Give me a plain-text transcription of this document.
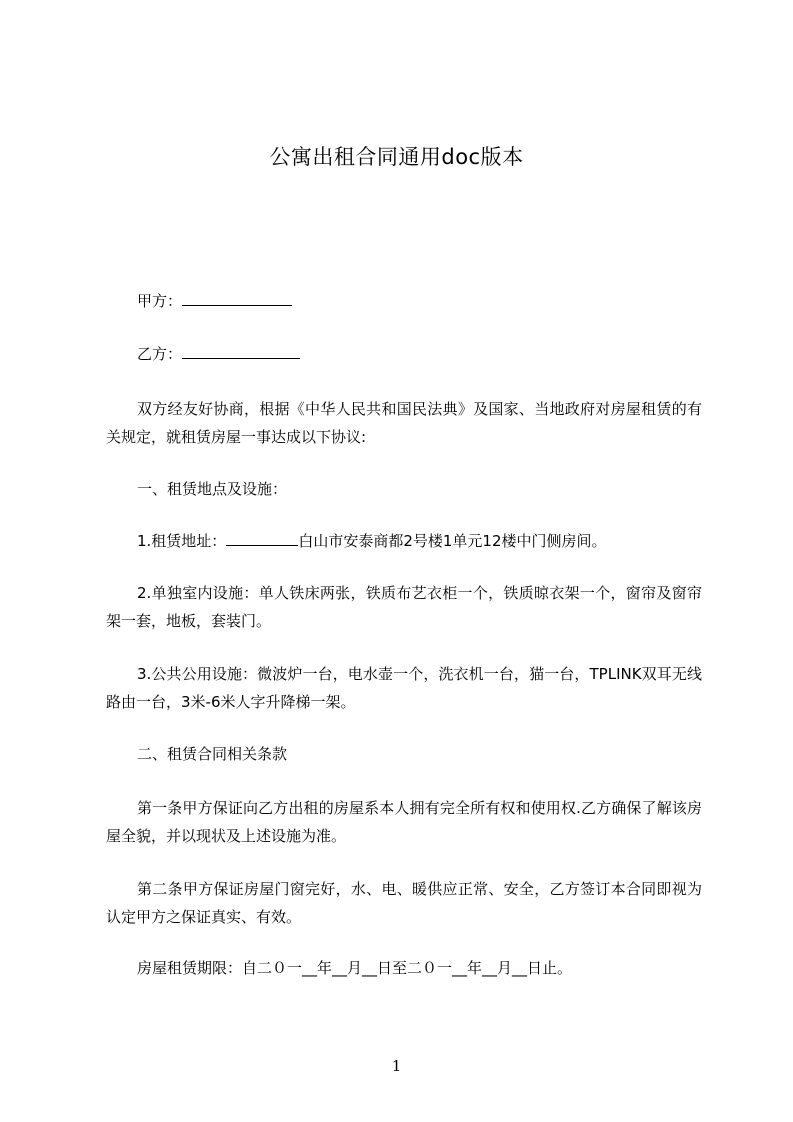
公寓出租合同通用doc版本
甲方：
乙方：
双方经友好协商，根据《中华人民共和国民法典》及国家、当地政府对房屋租赁的有关规定，就租赁房屋一事达成以下协议:
一、租赁地点及设施：
1.租赁地址：	白山市安泰商都2号楼1单元12楼中门侧房间。
2.单独室内设施：单人铁床两张，铁质布艺衣柜一个，铁质晾衣架一个，窗帘及窗帘架一套，地板，套装门。
3.公共公用设施：微波炉一台，电水壶一个，洗衣机一台，猫一台，TPLINK双耳无线路由一台，3米-6米人字升降梯一架。
二、租赁合同相关条款
第一条甲方保证向乙方出租的房屋系本人拥有完全所有权和使用权.乙方确保了解该房屋全貌，并以现状及上述设施为准。
第二条甲方保证房屋门窗完好，水、电、暖供应正常、安全，乙方签订本合同即视为认定甲方之保证真实、有效。
房屋租赁期限：自二０一__年__月__日至二０一__年__月__日止。
1
